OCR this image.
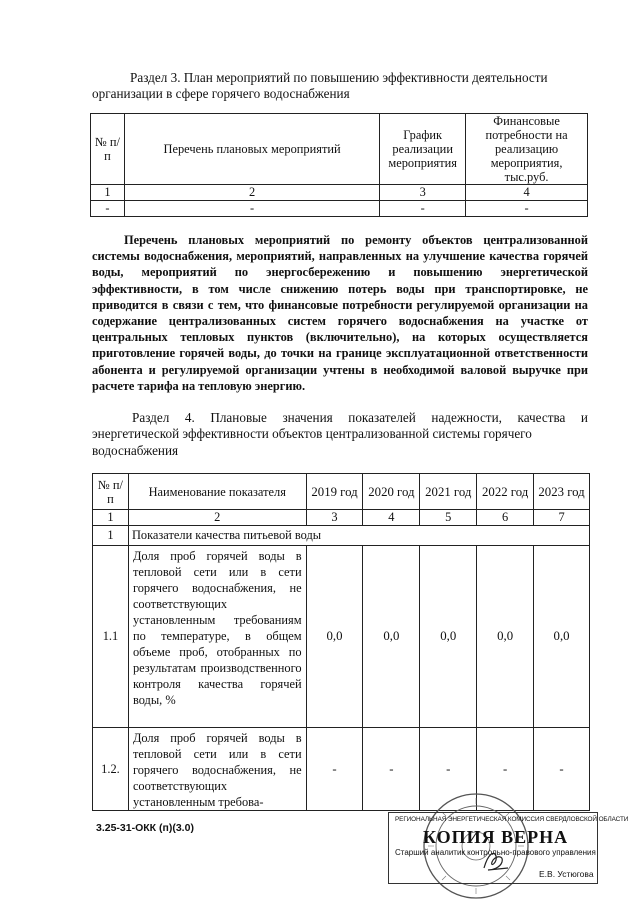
Раздел 3. План мероприятий по повышению эффективности деятельности
организации в сфере горячего водоснабжения
№ п/п	Перечень плановых мероприятий	График реализации мероприятия	Финансовые потребности на реализацию мероприятия, тыс.руб.
1	2	3	4
-	-	-	-
Перечень плановых мероприятий по ремонту объектов централизованной системы водоснабжения, мероприятий, направленных на улучшение качества горячей воды, мероприятий по энергосбережению и повышению энергетической эффективности, в том числе снижению потерь воды при транспортировке, не приводится в связи с тем, что финансовые потребности регулируемой организации на содержание централизованных систем горячего водоснабжения на участке от центральных тепловых пунктов (включительно), на которых осуществляется приготовление горячей воды, до точки на границе эксплуатационной ответственности абонента и регулируемой организации учтены в необходимой валовой выручке при расчете тарифа на тепловую энергию.
Раздел 4. Плановые значения показателей надежности, качества и энергетической эффективности объектов централизованной системы горячего
водоснабжения
№ п/п	Наименование показателя	2019 год	2020 год	2021 год	2022 год	2023 год
1	2	3	4	5	6	7
1	Показатели качества питьевой воды					
1.1	Доля проб горячей воды в тепловой сети или в сети горячего водоснабжения, не соответствующих установленным требованиям по температуре, в общем объеме проб, отобранных по результатам производственного контроля качества горячей воды, %	0,0	0,0	0,0	0,0	0,0
1.2.	Доля проб горячей воды в тепловой сети или в сети горячего водоснабжения, не соответствующих установленным требова-	-	-	-	-	-
3.25-31-ОКК (п)(3.0)
РЕГИОНАЛЬНАЯ ЭНЕРГЕТИЧЕСКАЯ КОМИССИЯ СВЕРДЛОВСКОЙ ОБЛАСТИ
КОПИЯ ВЕРНА
Старший аналитик контрольно-правового управления
Е.В. Устюгова
